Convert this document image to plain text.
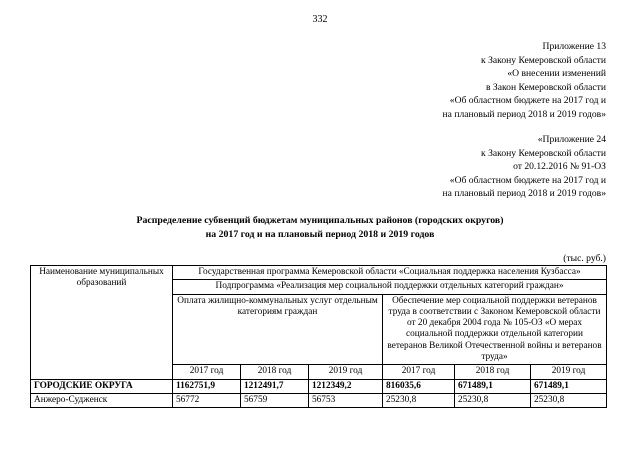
332
Приложение 13
к Закону Кемеровской области
«О внесении изменений
в Закон Кемеровской области
«Об областном бюджете на 2017 год и
на плановый период 2018 и 2019 годов»
«Приложение 24
к Закону Кемеровской области
от 20.12.2016 № 91-ОЗ
«Об областном бюджете на 2017 год и
на плановый период 2018 и 2019 годов»
Распределение субвенций бюджетам муниципальных районов (городских округов)
на 2017 год и на плановый период 2018 и 2019 годов
(тыс. руб.)
Наименование муниципальных образований	Государственная программа Кемеровской области «Социальная поддержка населения Кузбасса»					
	Подпрограмма «Реализация мер социальной поддержки отдельных категорий граждан»					
	Оплата жилищно-коммунальных услуг отдельным категориям граждан			Обеспечение мер социальной поддержки ветеранов труда в соответствии с Законом Кемеровской области от 20 декабря 2004 года № 105-ОЗ «О мерах социальной поддержки отдельной категории ветеранов Великой Отечественной войны и ветеранов труда»		
	2017 год	2018 год	2019 год	2017 год	2018 год	2019 год
ГОРОДСКИЕ ОКРУГА	1162751,9	1212491,7	1212349,2	816035,6	671489,1	671489,1
Анжеро-Судженск	56772	56759	56753	25230,8	25230,8	25230,8
